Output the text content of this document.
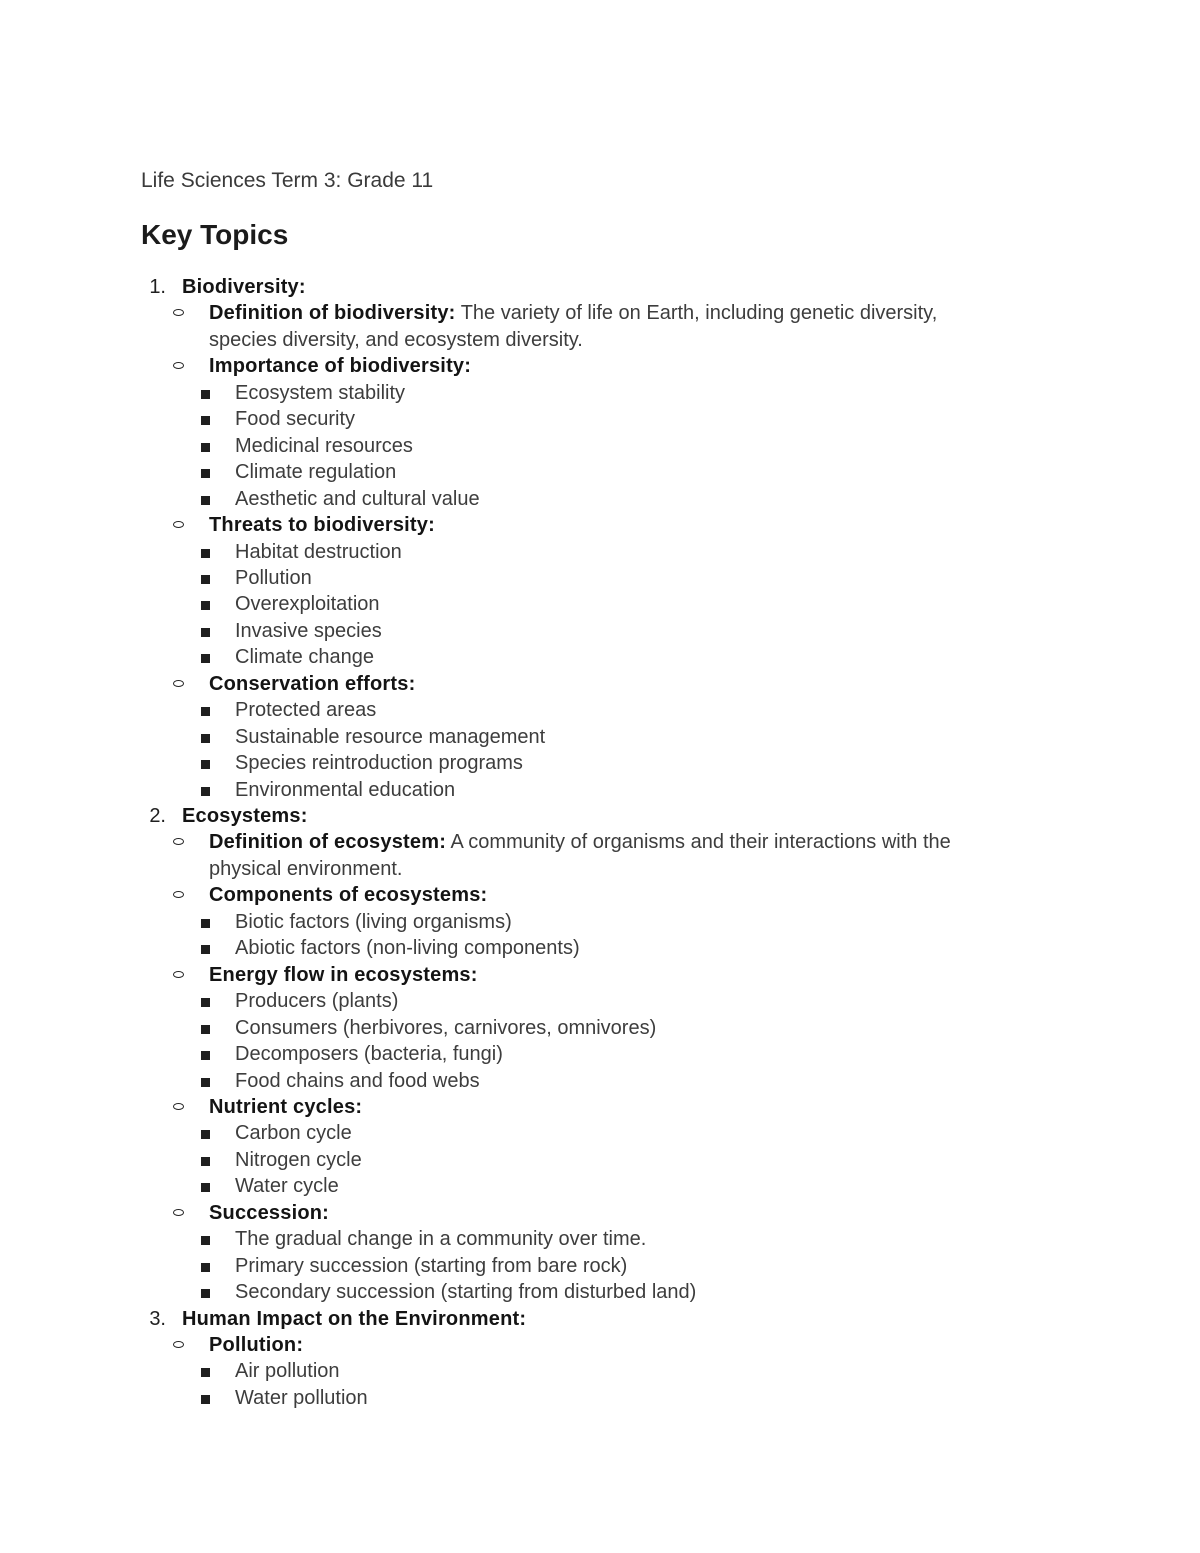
Life Sciences Term 3: Grade 11
Key Topics
1. Biodiversity:
Definition of biodiversity: The variety of life on Earth, including genetic diversity,
species diversity, and ecosystem diversity.
Importance of biodiversity:
Ecosystem stability
Food security
Medicinal resources
Climate regulation
Aesthetic and cultural value
Threats to biodiversity:
Habitat destruction
Pollution
Overexploitation
Invasive species
Climate change
Conservation efforts:
Protected areas
Sustainable resource management
Species reintroduction programs
Environmental education
2. Ecosystems:
Definition of ecosystem: A community of organisms and their interactions with the
physical environment.
Components of ecosystems:
Biotic factors (living organisms)
Abiotic factors (non-living components)
Energy flow in ecosystems:
Producers (plants)
Consumers (herbivores, carnivores, omnivores)
Decomposers (bacteria, fungi)
Food chains and food webs
Nutrient cycles:
Carbon cycle
Nitrogen cycle
Water cycle
Succession:
The gradual change in a community over time.
Primary succession (starting from bare rock)
Secondary succession (starting from disturbed land)
3. Human Impact on the Environment:
Pollution:
Air pollution
Water pollution
